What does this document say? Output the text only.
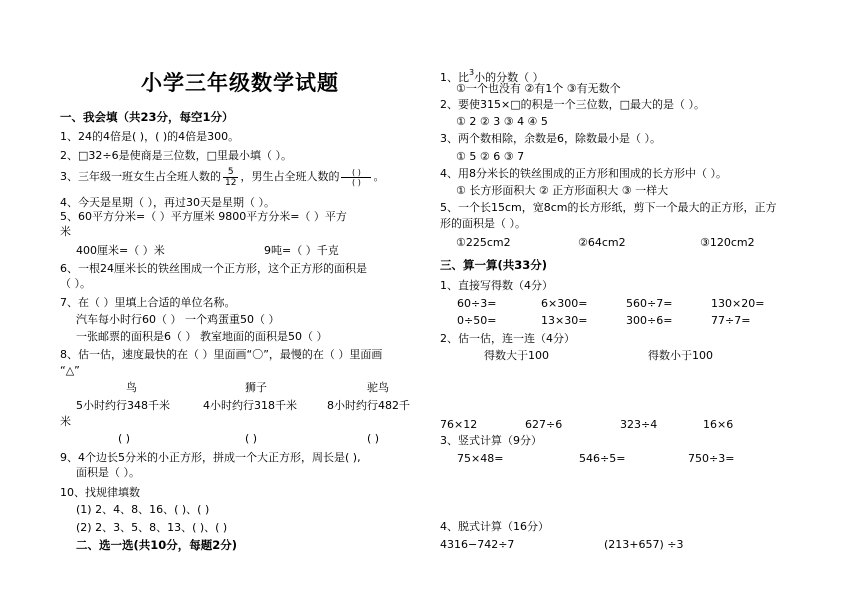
小学三年级数学试题
一、我会填（共23分，每空1分）
1、24的4倍是( )，( )的4倍是300。
2、□32÷6是使商是三位数，□里最小填（ ）。
3、三年级一班女生占全班人数的 $\frac{5}{12}$ ，男生占全班人数的	( )
( )	。
4、今天是星期（ ），再过30天是星期（ ）。
5、60平方分米=（ ）平方厘米 9800平方分米=（ ）平方
米
400厘米=（ ）米	9吨=（ ）千克
6、一根24厘米长的铁丝围成一个正方形，这个正方形的面积是
（ ）。
7、在（ ）里填上合适的单位名称。
汽车每小时行60（ ） 一个鸡蛋重50（ ）
一张邮票的面积是6（ ） 教室地面的面积是50（ ）
8、估一估，速度最快的在（ ）里面画“〇”，最慢的在（ ）里面画
“△”
鸟	狮子	驼鸟
5小时约行348千米	4小时约行318千米	8小时约行482千
米
( )	( )	( )
9、4个边长5分米的小正方形，拼成一个大正方形，周长是( ),
面积是（ ）。
10、找规律填数
(1) 2、4、8、16、( )、( )
(2) 2、3、5、8、13、( )、( )
二、选一选(共10分，每题2分)
1、比$^3$小的分数（ ）
①一个也没有 ②有1个 ③有无数个
2、要使315×□的积是一个三位数，□最大的是（ ）。
① 2 ② 3 ③ 4 ④ 5
3、两个数相除，余数是6，除数最小是（ ）。
① 5 ② 6 ③ 7
4、用8分米长的铁丝围成的正方形和围成的长方形中（ ）。
① 长方形面积大 ② 正方形面积大 ③ 一样大
5、一个长15cm，宽8cm的长方形纸，剪下一个最大的正方形，正方
形的面积是（ ）。
①225cm2	②64cm2	③120cm2
三、算一算(共33分)
1、直接写得数（4分）
60÷3=	6×300=	560÷7=	130×20=
0÷50=	13×30=	300÷6=	77÷7=
2、估一估，连一连（4分）
得数大于100	得数小于100
76×12	627÷6	323÷4	16×6
3、竖式计算（9分）
75×48=	546÷5=	750÷3=
4、脱式计算（16分）
4316−742÷7	(213+657) ÷3
